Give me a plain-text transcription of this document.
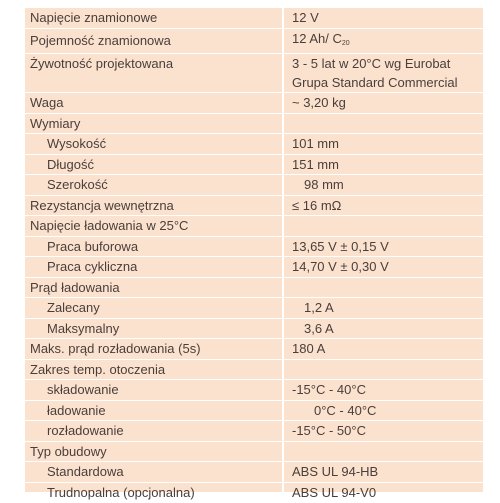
Napięcie znamionowe	12 V
Pojemność znamionowa	12 Ah/ $C_{20}$
Żywotność projektowana	3 - 5 lat w 20°C wg Eurobat
Grupa Standard Commercial
Waga	~ 3,20 kg
Wymiary	
Wysokość	101 mm
Długość	151 mm
Szerokość	98 mm
Rezystancja wewnętrzna	≤ 16 mΩ
Napięcie ładowania w 25°C	
Praca buforowa	13,65 V ± 0,15 V
Praca cykliczna	14,70 V ± 0,30 V
Prąd ładowania	
Zalecany	1,2 A
Maksymalny	3,6 A
Maks. prąd rozładowania (5s)	180 A
Zakres temp. otoczenia	
składowanie	-15°C - 40°C
ładowanie	0°C - 40°C
rozładowanie	-15°C - 50°C
Typ obudowy	
Standardowa	ABS UL 94-HB
Trudnopalna (opcjonalna)	ABS UL 94-V0
